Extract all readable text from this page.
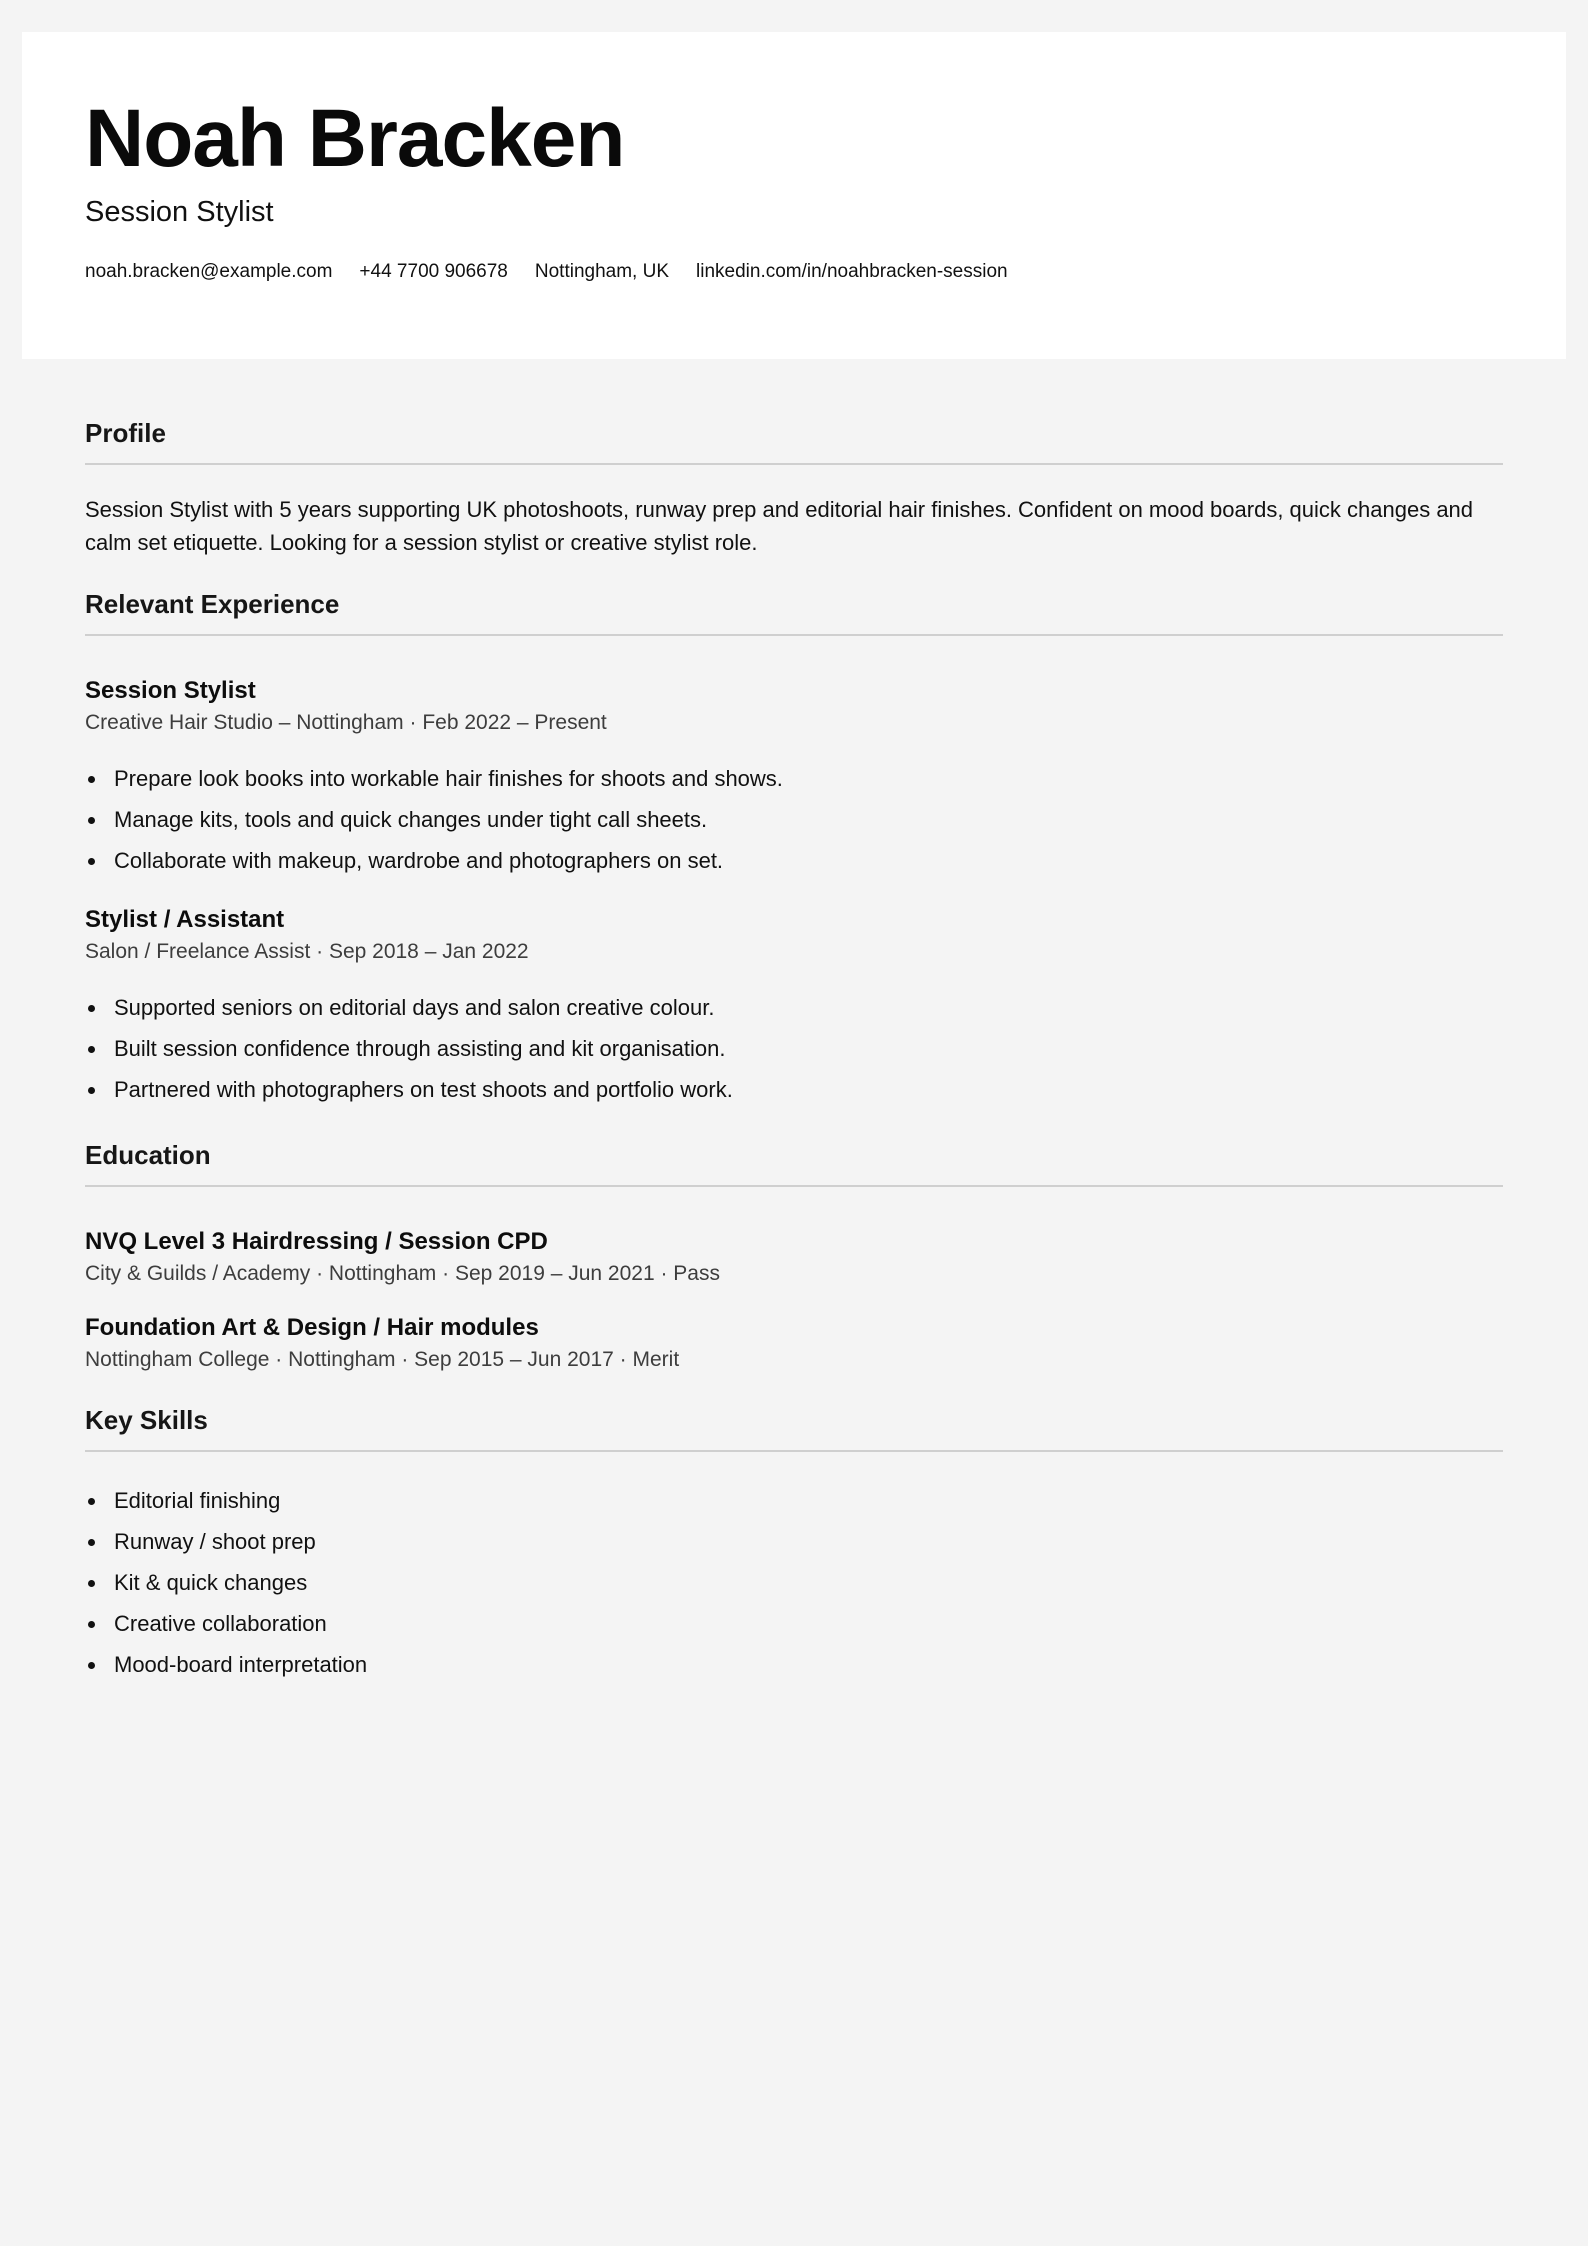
Noah Bracken
Session Stylist
noah.bracken@example.com +44 7700 906678 Nottingham, UK linkedin.com/in/noahbracken-session
Profile

Session Stylist with 5 years supporting UK photoshoots, runway prep and editorial hair finishes. Confident on mood boards, quick changes and calm set etiquette. Looking for a session stylist or creative stylist role.

Relevant Experience
Session Stylist

Creative Hair Studio – Nottingham · Feb 2022 – Present

Prepare look books into workable hair finishes for shoots and shows.
Manage kits, tools and quick changes under tight call sheets.
Collaborate with makeup, wardrobe and photographers on set.
Stylist / Assistant

Salon / Freelance Assist · Sep 2018 – Jan 2022

Supported seniors on editorial days and salon creative colour.
Built session confidence through assisting and kit organisation.
Partnered with photographers on test shoots and portfolio work.
Education
NVQ Level 3 Hairdressing / Session CPD

City & Guilds / Academy · Nottingham · Sep 2019 – Jun 2021 · Pass

Foundation Art & Design / Hair modules

Nottingham College · Nottingham · Sep 2015 – Jun 2017 · Merit

Key Skills
Editorial finishing
Runway / shoot prep
Kit & quick changes
Creative collaboration
Mood-board interpretation
